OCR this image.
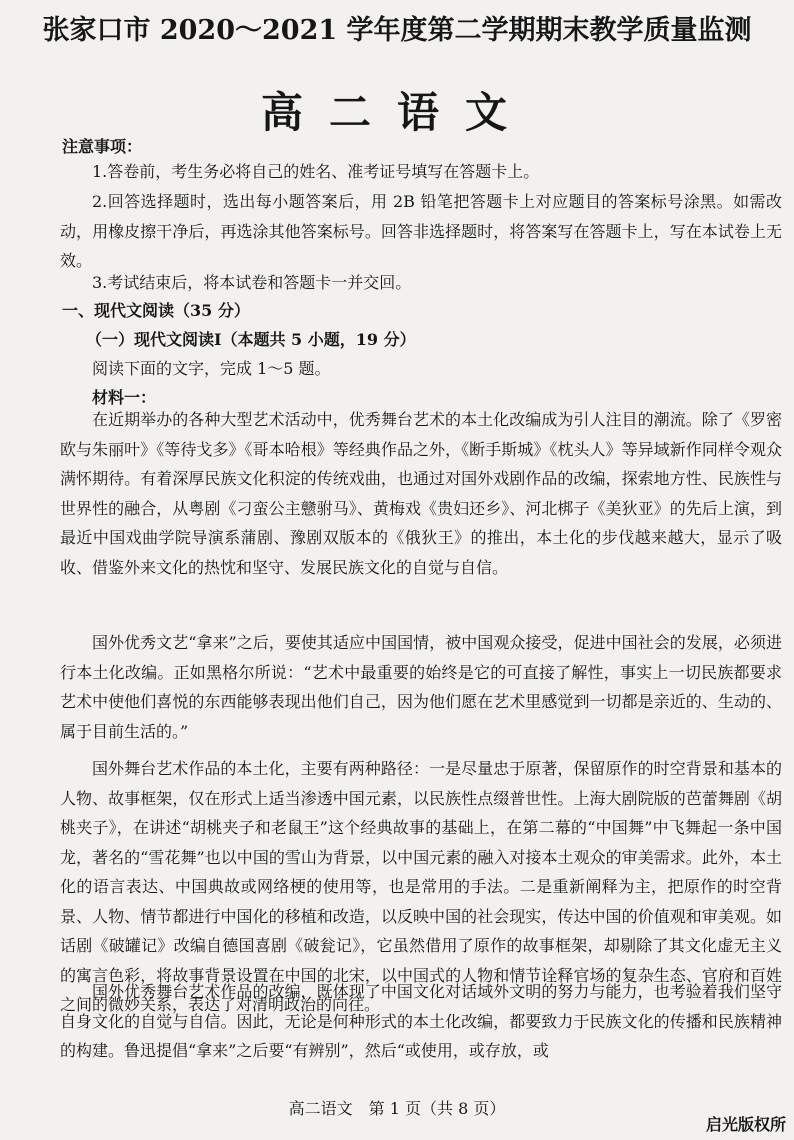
张家口市 2020～2021 学年度第二学期期末教学质量监测
高二语文
注意事项：
1.答卷前，考生务必将自己的姓名、准考证号填写在答题卡上。
2.回答选择题时，选出每小题答案后，用 2B 铅笔把答题卡上对应题目的答案标号涂黑。如需改动，用橡皮擦干净后，再选涂其他答案标号。回答非选择题时，将答案写在答题卡上，写在本试卷上无效。
3.考试结束后，将本试卷和答题卡一并交回。
一、现代文阅读（35 分）
（一）现代文阅读Ⅰ（本题共 5 小题，19 分）
阅读下面的文字，完成 1～5 题。
材料一：
在近期举办的各种大型艺术活动中，优秀舞台艺术的本土化改编成为引人注目的潮流。除了《罗密欧与朱丽叶》《等待戈多》《哥本哈根》等经典作品之外，《断手斯城》《枕头人》等异域新作同样令观众满怀期待。有着深厚民族文化积淀的传统戏曲，也通过对国外戏剧作品的改编，探索地方性、民族性与世界性的融合，从粤剧《刁蛮公主戆驸马》、黄梅戏《贵妇还乡》、河北梆子《美狄亚》的先后上演，到最近中国戏曲学院导演系蒲剧、豫剧双版本的《俄狄王》的推出，本土化的步伐越来越大，显示了吸收、借鉴外来文化的热忱和坚守、发展民族文化的自觉与自信。
国外优秀文艺“拿来”之后，要使其适应中国国情，被中国观众接受，促进中国社会的发展，必须进行本土化改编。正如黑格尔所说：“艺术中最重要的始终是它的可直接了解性，事实上一切民族都要求艺术中使他们喜悦的东西能够表现出他们自己，因为他们愿在艺术里感觉到一切都是亲近的、生动的、属于目前生活的。”
国外舞台艺术作品的本土化，主要有两种路径：一是尽量忠于原著，保留原作的时空背景和基本的人物、故事框架，仅在形式上适当渗透中国元素，以民族性点缀普世性。上海大剧院版的芭蕾舞剧《胡桃夹子》，在讲述“胡桃夹子和老鼠王”这个经典故事的基础上，在第二幕的“中国舞”中飞舞起一条中国龙，著名的“雪花舞”也以中国的雪山为背景，以中国元素的融入对接本土观众的审美需求。此外，本土化的语言表达、中国典故或网络梗的使用等，也是常用的手法。二是重新阐释为主，把原作的时空背景、人物、情节都进行中国化的移植和改造，以反映中国的社会现实，传达中国的价值观和审美观。如话剧《破罐记》改编自德国喜剧《破瓮记》，它虽然借用了原作的故事框架，却剔除了其文化虚无主义的寓言色彩，将故事背景设置在中国的北宋，以中国式的人物和情节诠释官场的复杂生态、官府和百姓之间的微妙关系，表达了对清明政治的向往。
国外优秀舞台艺术作品的改编，既体现了中国文化对话域外文明的努力与能力，也考验着我们坚守自身文化的自觉与自信。因此，无论是何种形式的本土化改编，都要致力于民族文化的传播和民族精神的构建。鲁迅提倡“拿来”之后要“有辨别”，然后“或使用，或存放，或
高二语文　第 1 页（共 8 页）
启光版权所
